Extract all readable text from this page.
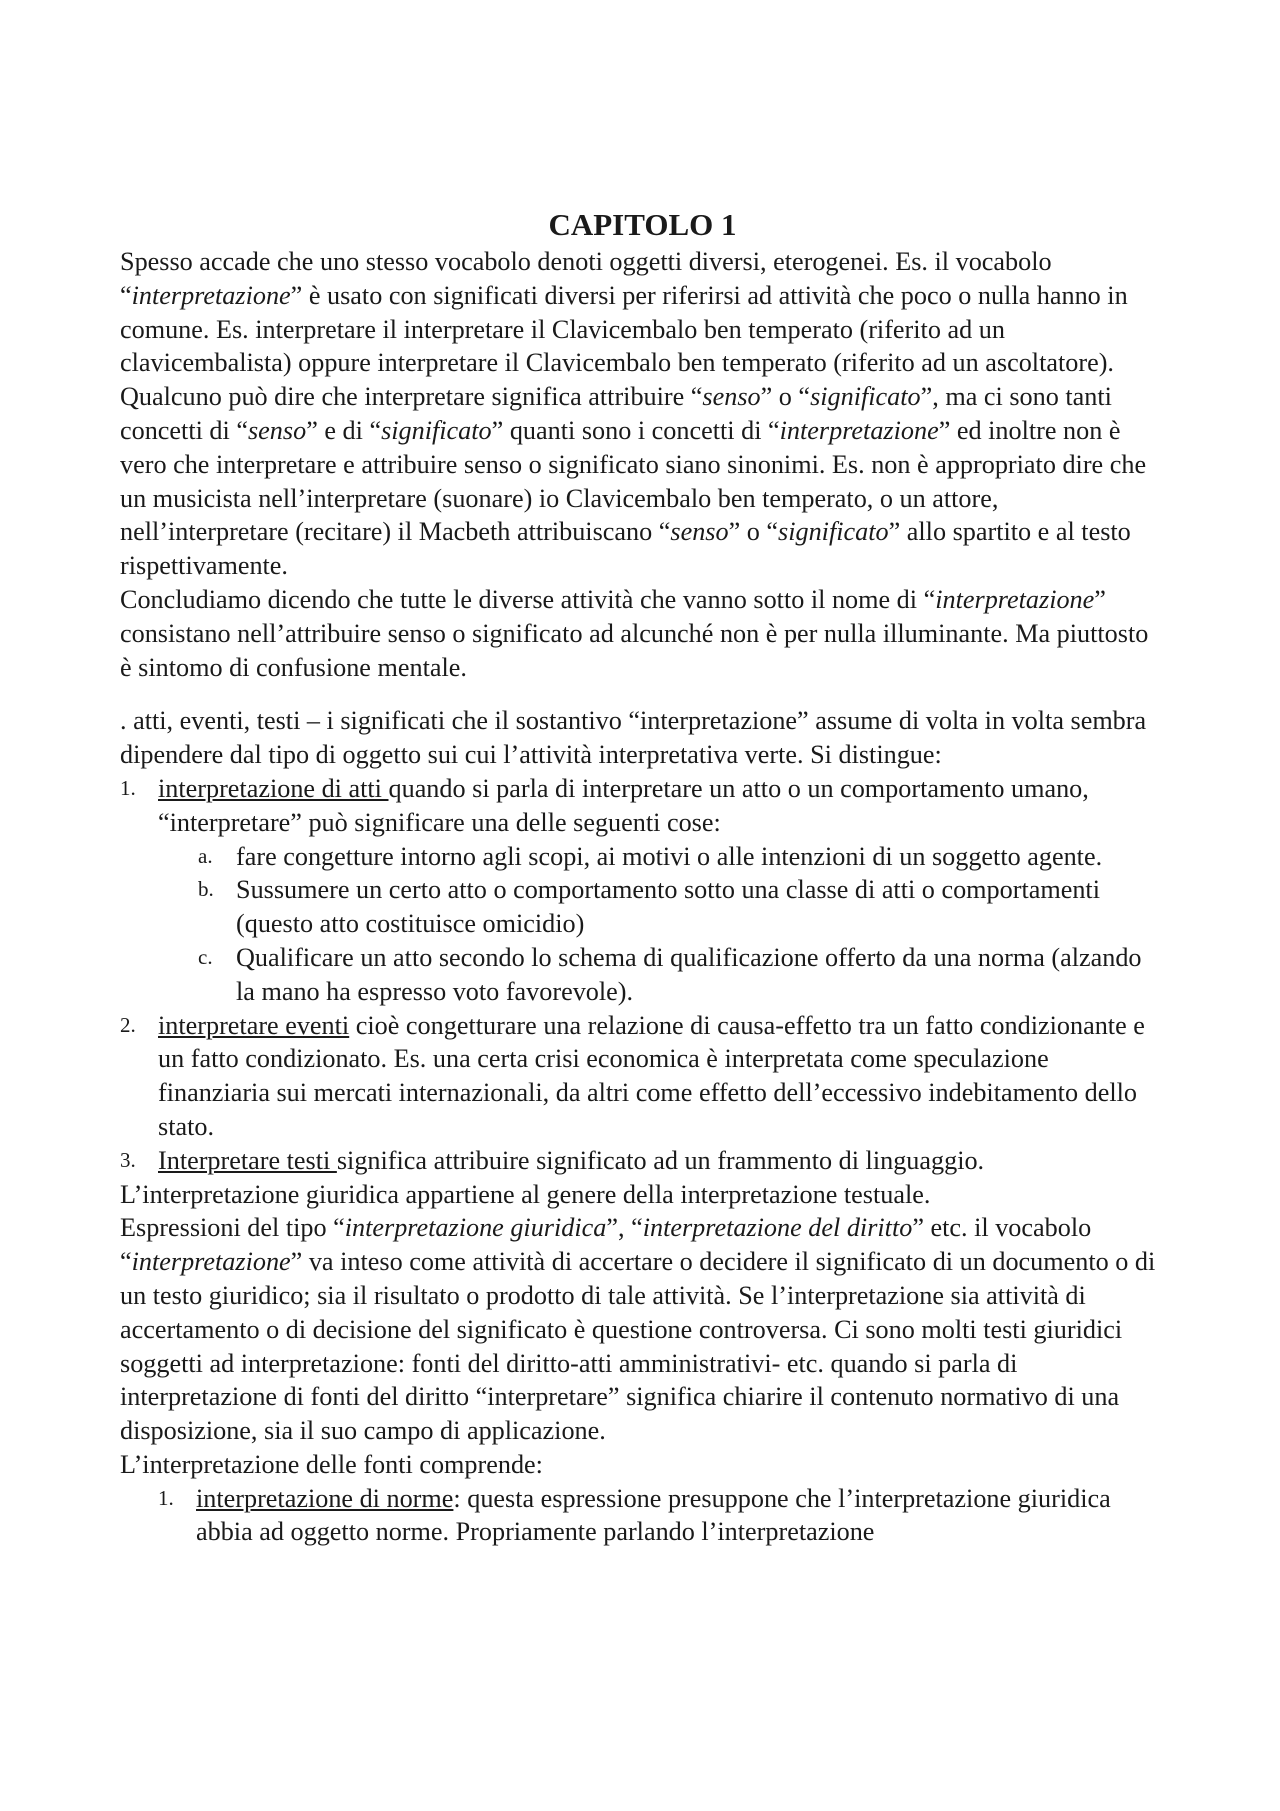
CAPITOLO 1

Spesso accade che uno stesso vocabolo denoti oggetti diversi, eterogenei. Es. il vocabolo “interpretazione” è usato con significati diversi per riferirsi ad attività che poco o nulla hanno in comune. Es. interpretare il interpretare il Clavicembalo ben temperato (riferito ad un clavicembalista) oppure interpretare il Clavicembalo ben temperato (riferito ad un ascoltatore).

Qualcuno può dire che interpretare significa attribuire “senso” o “significato”, ma ci sono tanti concetti di “senso” e di “significato” quanti sono i concetti di “interpretazione” ed inoltre non è vero che interpretare e attribuire senso o significato siano sinonimi. Es. non è appropriato dire che un musicista nell’interpretare (suonare) io Clavicembalo ben temperato, o un attore, nell’interpretare (recitare) il Macbeth attribuiscano “senso” o “significato” allo spartito e al testo rispettivamente.

Concludiamo dicendo che tutte le diverse attività che vanno sotto il nome di “interpretazione” consistano nell’attribuire senso o significato ad alcunché non è per nulla illuminante. Ma piuttosto è sintomo di confusione mentale.

. atti, eventi, testi – i significati che il sostantivo “interpretazione” assume di volta in volta sembra dipendere dal tipo di oggetto sui cui l’attività interpretativa verte. Si distingue:

1. interpretazione di atti quando si parla di interpretare un atto o un comportamento umano, “interpretare” può significare una delle seguenti cose:
a. fare congetture intorno agli scopi, ai motivi o alle intenzioni di un soggetto agente.
b. Sussumere un certo atto o comportamento sotto una classe di atti o comportamenti (questo atto costituisce omicidio)
c. Qualificare un atto secondo lo schema di qualificazione offerto da una norma (alzando la mano ha espresso voto favorevole).
2. interpretare eventi cioè congetturare una relazione di causa-effetto tra un fatto condizionante e un fatto condizionato. Es. una certa crisi economica è interpretata come speculazione finanziaria sui mercati internazionali, da altri come effetto dell’eccessivo indebitamento dello stato.
3. Interpretare testi significa attribuire significato ad un frammento di linguaggio.

L’interpretazione giuridica appartiene al genere della interpretazione testuale.

Espressioni del tipo “interpretazione giuridica”, “interpretazione del diritto” etc. il vocabolo “interpretazione” va inteso come attività di accertare o decidere il significato di un documento o di un testo giuridico; sia il risultato o prodotto di tale attività. Se l’interpretazione sia attività di accertamento o di decisione del significato è questione controversa. Ci sono molti testi giuridici soggetti ad interpretazione: fonti del diritto-atti amministrativi- etc. quando si parla di interpretazione di fonti del diritto “interpretare” significa chiarire il contenuto normativo di una disposizione, sia il suo campo di applicazione.

L’interpretazione delle fonti comprende:

1. interpretazione di norme: questa espressione presuppone che l’interpretazione giuridica abbia ad oggetto norme. Propriamente parlando l’interpretazione
